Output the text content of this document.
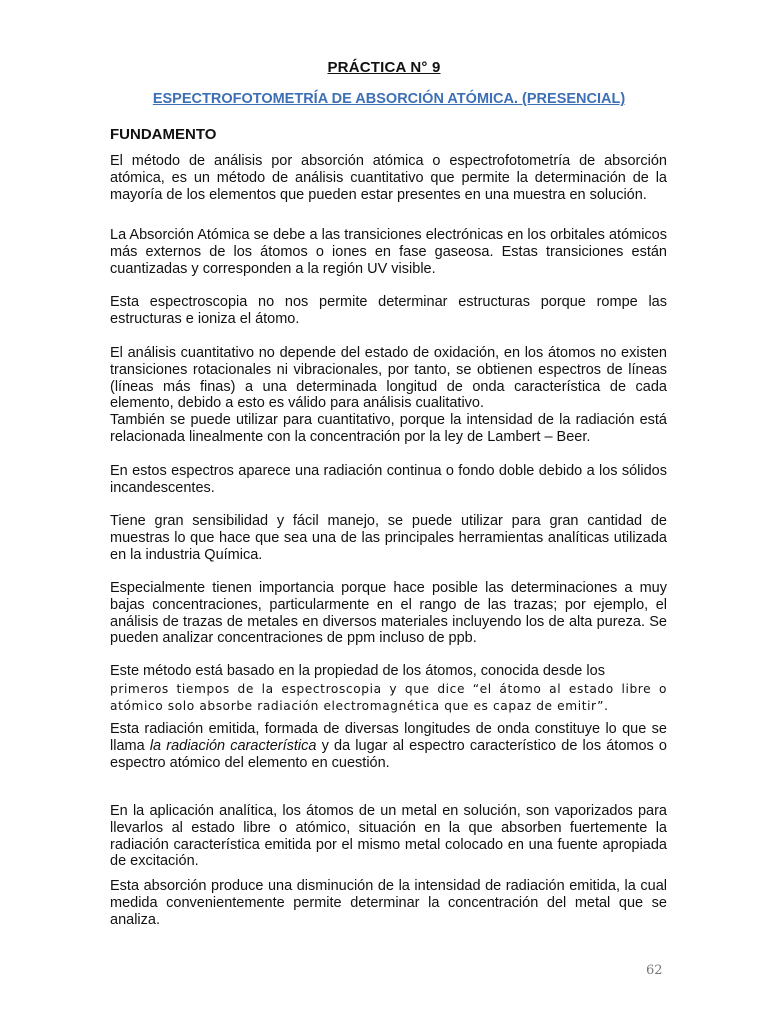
PRÁCTICA N° 9
ESPECTROFOTOMETRÍA DE ABSORCIÓN ATÓMICA. (PRESENCIAL)
FUNDAMENTO

El método de análisis por absorción atómica o espectrofotometría de absorción atómica, es un método de análisis cuantitativo que permite la determinación de la mayoría de los elementos que pueden estar presentes en una muestra en solución.

La Absorción Atómica se debe a las transiciones electrónicas en los orbitales atómicos más externos de los átomos o iones en fase gaseosa. Estas transiciones están cuantizadas y corresponden a la región UV visible.

Esta espectroscopia no nos permite determinar estructuras porque rompe las estructuras e ioniza el átomo.

El análisis cuantitativo no depende del estado de oxidación, en los átomos no existen transiciones rotacionales ni vibracionales, por tanto, se obtienen espectros de líneas (líneas más finas) a una determinada longitud de onda característica de cada elemento, debido a esto es válido para análisis cualitativo.

También se puede utilizar para cuantitativo, porque la intensidad de la radiación está relacionada linealmente con la concentración por la ley de Lambert – Beer.

En estos espectros aparece una radiación continua o fondo doble debido a los sólidos incandescentes.

Tiene gran sensibilidad y fácil manejo, se puede utilizar para gran cantidad de muestras lo que hace que sea una de las principales herramientas analíticas utilizada en la industria Química.

Especialmente tienen importancia porque hace posible las determinaciones a muy bajas concentraciones, particularmente en el rango de las trazas; por ejemplo, el análisis de trazas de metales en diversos materiales incluyendo los de alta pureza. Se pueden analizar concentraciones de ppm incluso de ppb.

Este método está basado en la propiedad de los átomos, conocida desde los

primeros tiempos de la espectroscopia y que dice “el átomo al estado libre o atómico solo absorbe radiación electromagnética que es capaz de emitir”.

Esta radiación emitida, formada de diversas longitudes de onda constituye lo que se llama la radiación característica y da lugar al espectro característico de los átomos o espectro atómico del elemento en cuestión.

En la aplicación analítica, los átomos de un metal en solución, son vaporizados para llevarlos al estado libre o atómico, situación en la que absorben fuertemente la radiación característica emitida por el mismo metal colocado en una fuente apropiada de excitación.

Esta absorción produce una disminución de la intensidad de radiación emitida, la cual medida convenientemente permite determinar la concentración del metal que se analiza.

62
